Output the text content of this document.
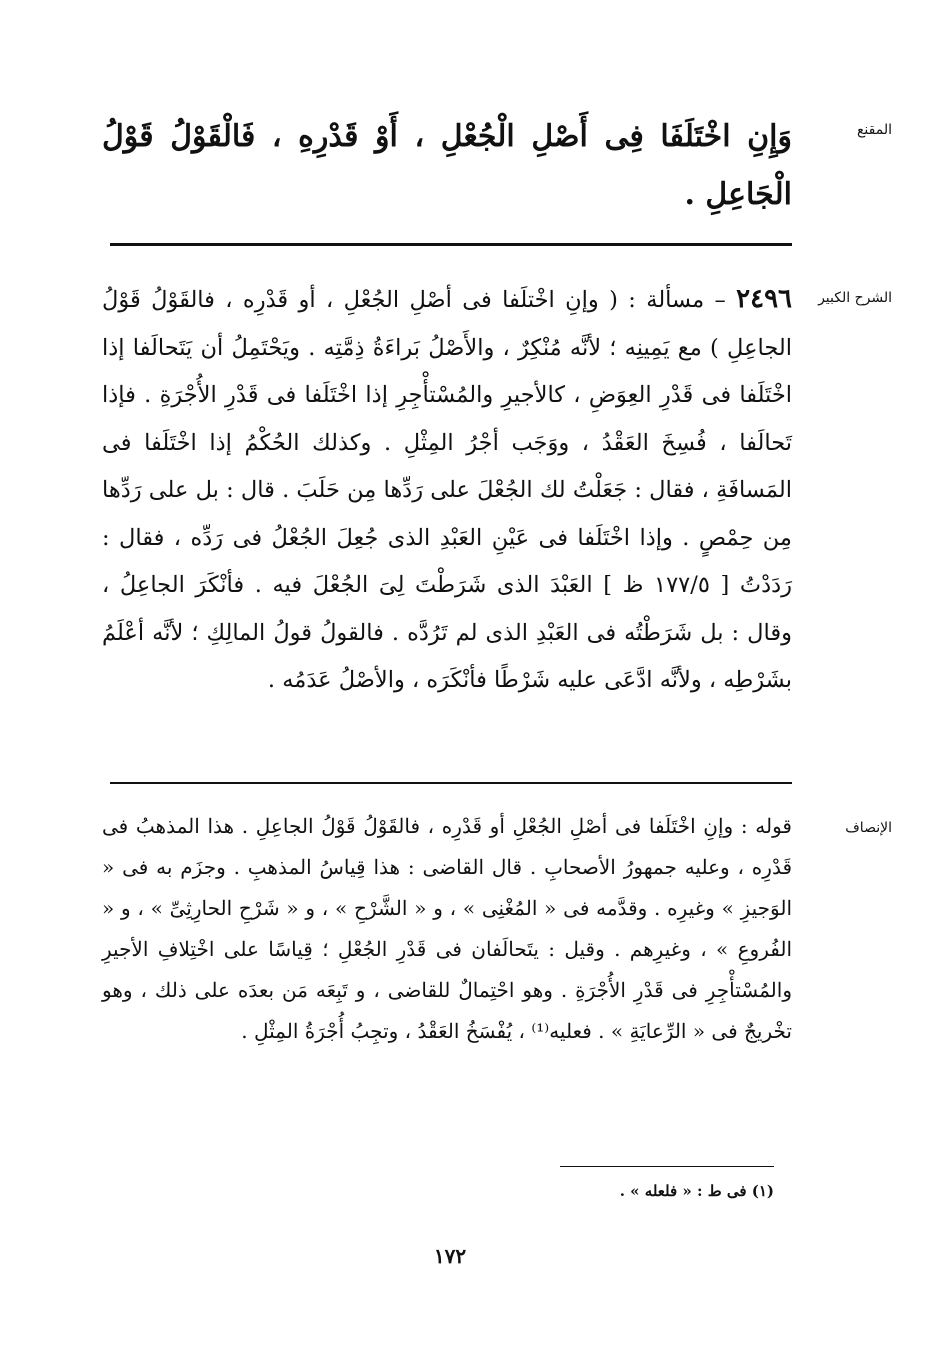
المقنع
وَإِنِ اخْتَلَفَا فِى أَصْلِ الْجُعْلِ ، أَوْ قَدْرِهِ ، فَالْقَوْلُ قَوْلُ الْجَاعِلِ .
الشرح الكبير
٢٤٩٦ – مسألة : ( وإنِ اخْتلَفا فى أصْلِ الجُعْلِ ، أو قَدْرِه ، فالقَوْلُ قَوْلُ الجاعِلِ ) مع يَمِينِه ؛ لأنَّه مُنْكِرٌ ، والأَصْلُ بَراءَةُ ذِمَّتِه . ويَحْتَمِلُ أن يَتَحالَفا إذا اخْتَلَفا فى قَدْرِ العِوَضِ ، كالأجيرِ والمُسْتأْجِرِ إذا اخْتَلَفا فى قَدْرِ الأُجْرَةِ . فإذا تَحالَفا ، فُسِخَ العَقْدُ ، ووَجَب أجْرُ المِثْلِ . وكذلك الحُكْمُ إذا اخْتَلَفا فى المَسافَةِ ، فقال : جَعَلْتُ لك الجُعْلَ على رَدِّها مِن حَلَبَ . قال : بل على رَدِّها مِن حِمْصٍ . وإذا اخْتَلَفا فى عَيْنِ العَبْدِ الذى جُعِلَ الجُعْلُ فى رَدِّه ، فقال : رَدَدْتُ [ ١٧٧/٥ ظ ] العَبْدَ الذى شَرَطْتَ لِىَ الجُعْلَ فيه . فأنْكَرَ الجاعِلُ ، وقال : بل شَرَطْتُه فى العَبْدِ الذى لم تَرُدَّه . فالقولُ قولُ المالِكِ ؛ لأنَّه أعْلَمُ بشَرْطِه ، ولأنَّه ادَّعَى عليه شَرْطًا فأنْكَرَه ، والأصْلُ عَدَمُه .
الإنصاف
قوله : وإنِ اخْتَلَفا فى أصْلِ الجُعْلِ أو قَدْرِه ، فالقَوْلُ قَوْلُ الجاعِلِ . هذا المذهبُ فى قَدْرِه ، وعليه جمهورُ الأصحابِ . قال القاضى : هذا قِياسُ المذهبِ . وجزَم به فى « الوَجيزِ » وغيرِه . وقدَّمه فى « المُغْنِى » ، و « الشَّرْحِ » ، و « شَرْحِ الحارِثِىِّ » ، و « الفُروعِ » ، وغيرِهم . وقيل : يتَحالَفان فى قَدْرِ الجُعْلِ ؛ قِياسًا على اخْتِلافِ الأجيرِ والمُسْتأْجِرِ فى قَدْرِ الأُجْرَةِ . وهو احْتِمالٌ للقاضى ، و تَبِعَه مَن بعدَه على ذلك ، وهو تخْريجٌ فى « الرِّعايَةِ » . فعليه⁽¹⁾ ، يُفْسَخُ العَقْدُ ، وتجِبُ أُجْرَةُ المِثْلِ .
(١) فى ط : « فلعله » .
١٧٢
